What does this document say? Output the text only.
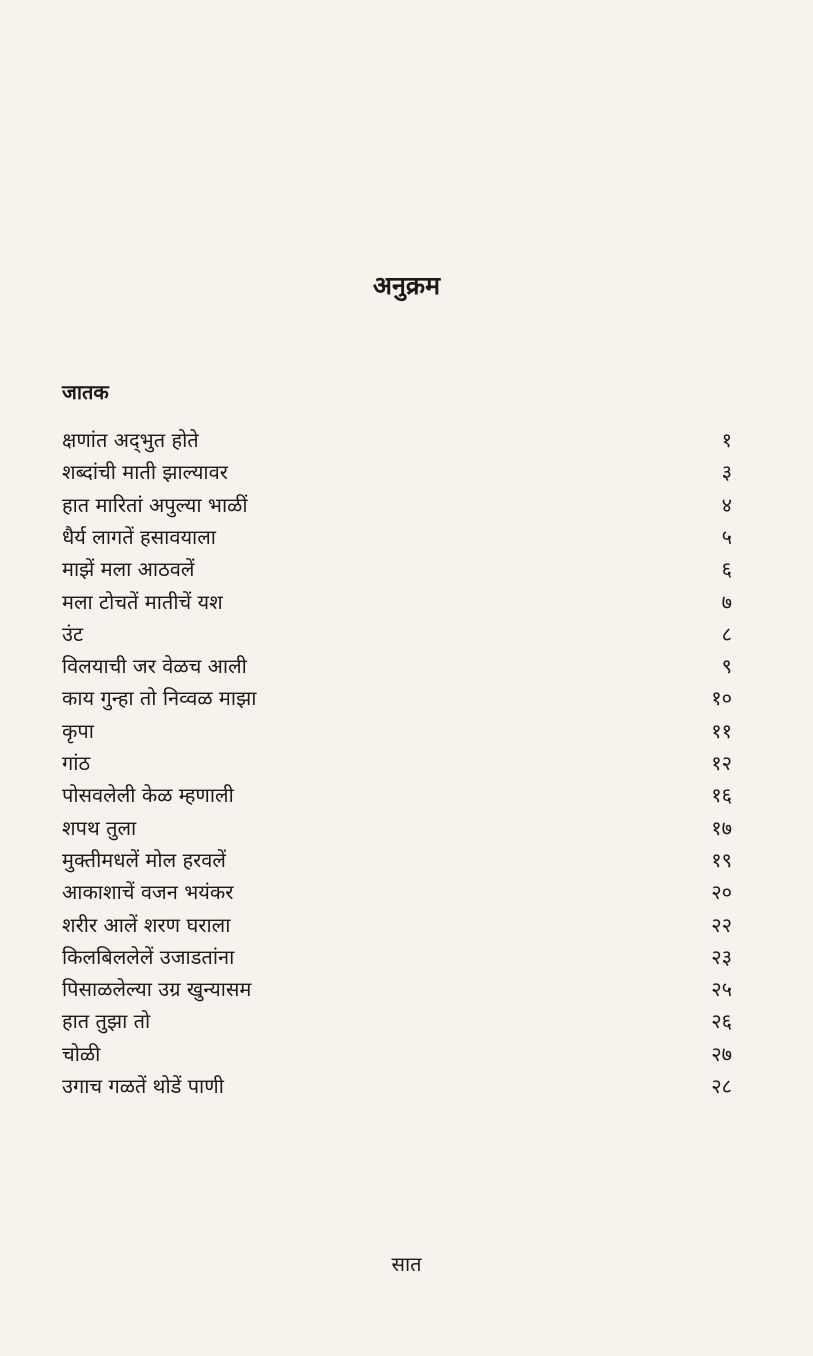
अनुक्रम
जातक
क्षणांत अद्‌भुत होते	१
शब्दांची माती झाल्यावर	३
हात मारितां अपुल्या भाळीं	४
धैर्य लागतें हसावयाला	५
माझें मला आठवलें	६
मला टोचतें मातीचें यश	७
उंट	८
विलयाची जर वेळच आली	९
काय गुन्हा तो निव्वळ माझा	१०
कृपा	११
गांठ	१२
पोसवलेली केळ म्हणाली	१६
शपथ तुला	१७
मुक्तीमधलें मोल हरवलें	१९
आकाशाचें वजन भयंकर	२०
शरीर आलें शरण घराला	२२
किलबिललेलें उजाडतांना	२३
पिसाळलेल्या उग्र खुन्यासम	२५
हात तुझा तो	२६
चोळी	२७
उगाच गळतें थोडें पाणी	२८
सात
